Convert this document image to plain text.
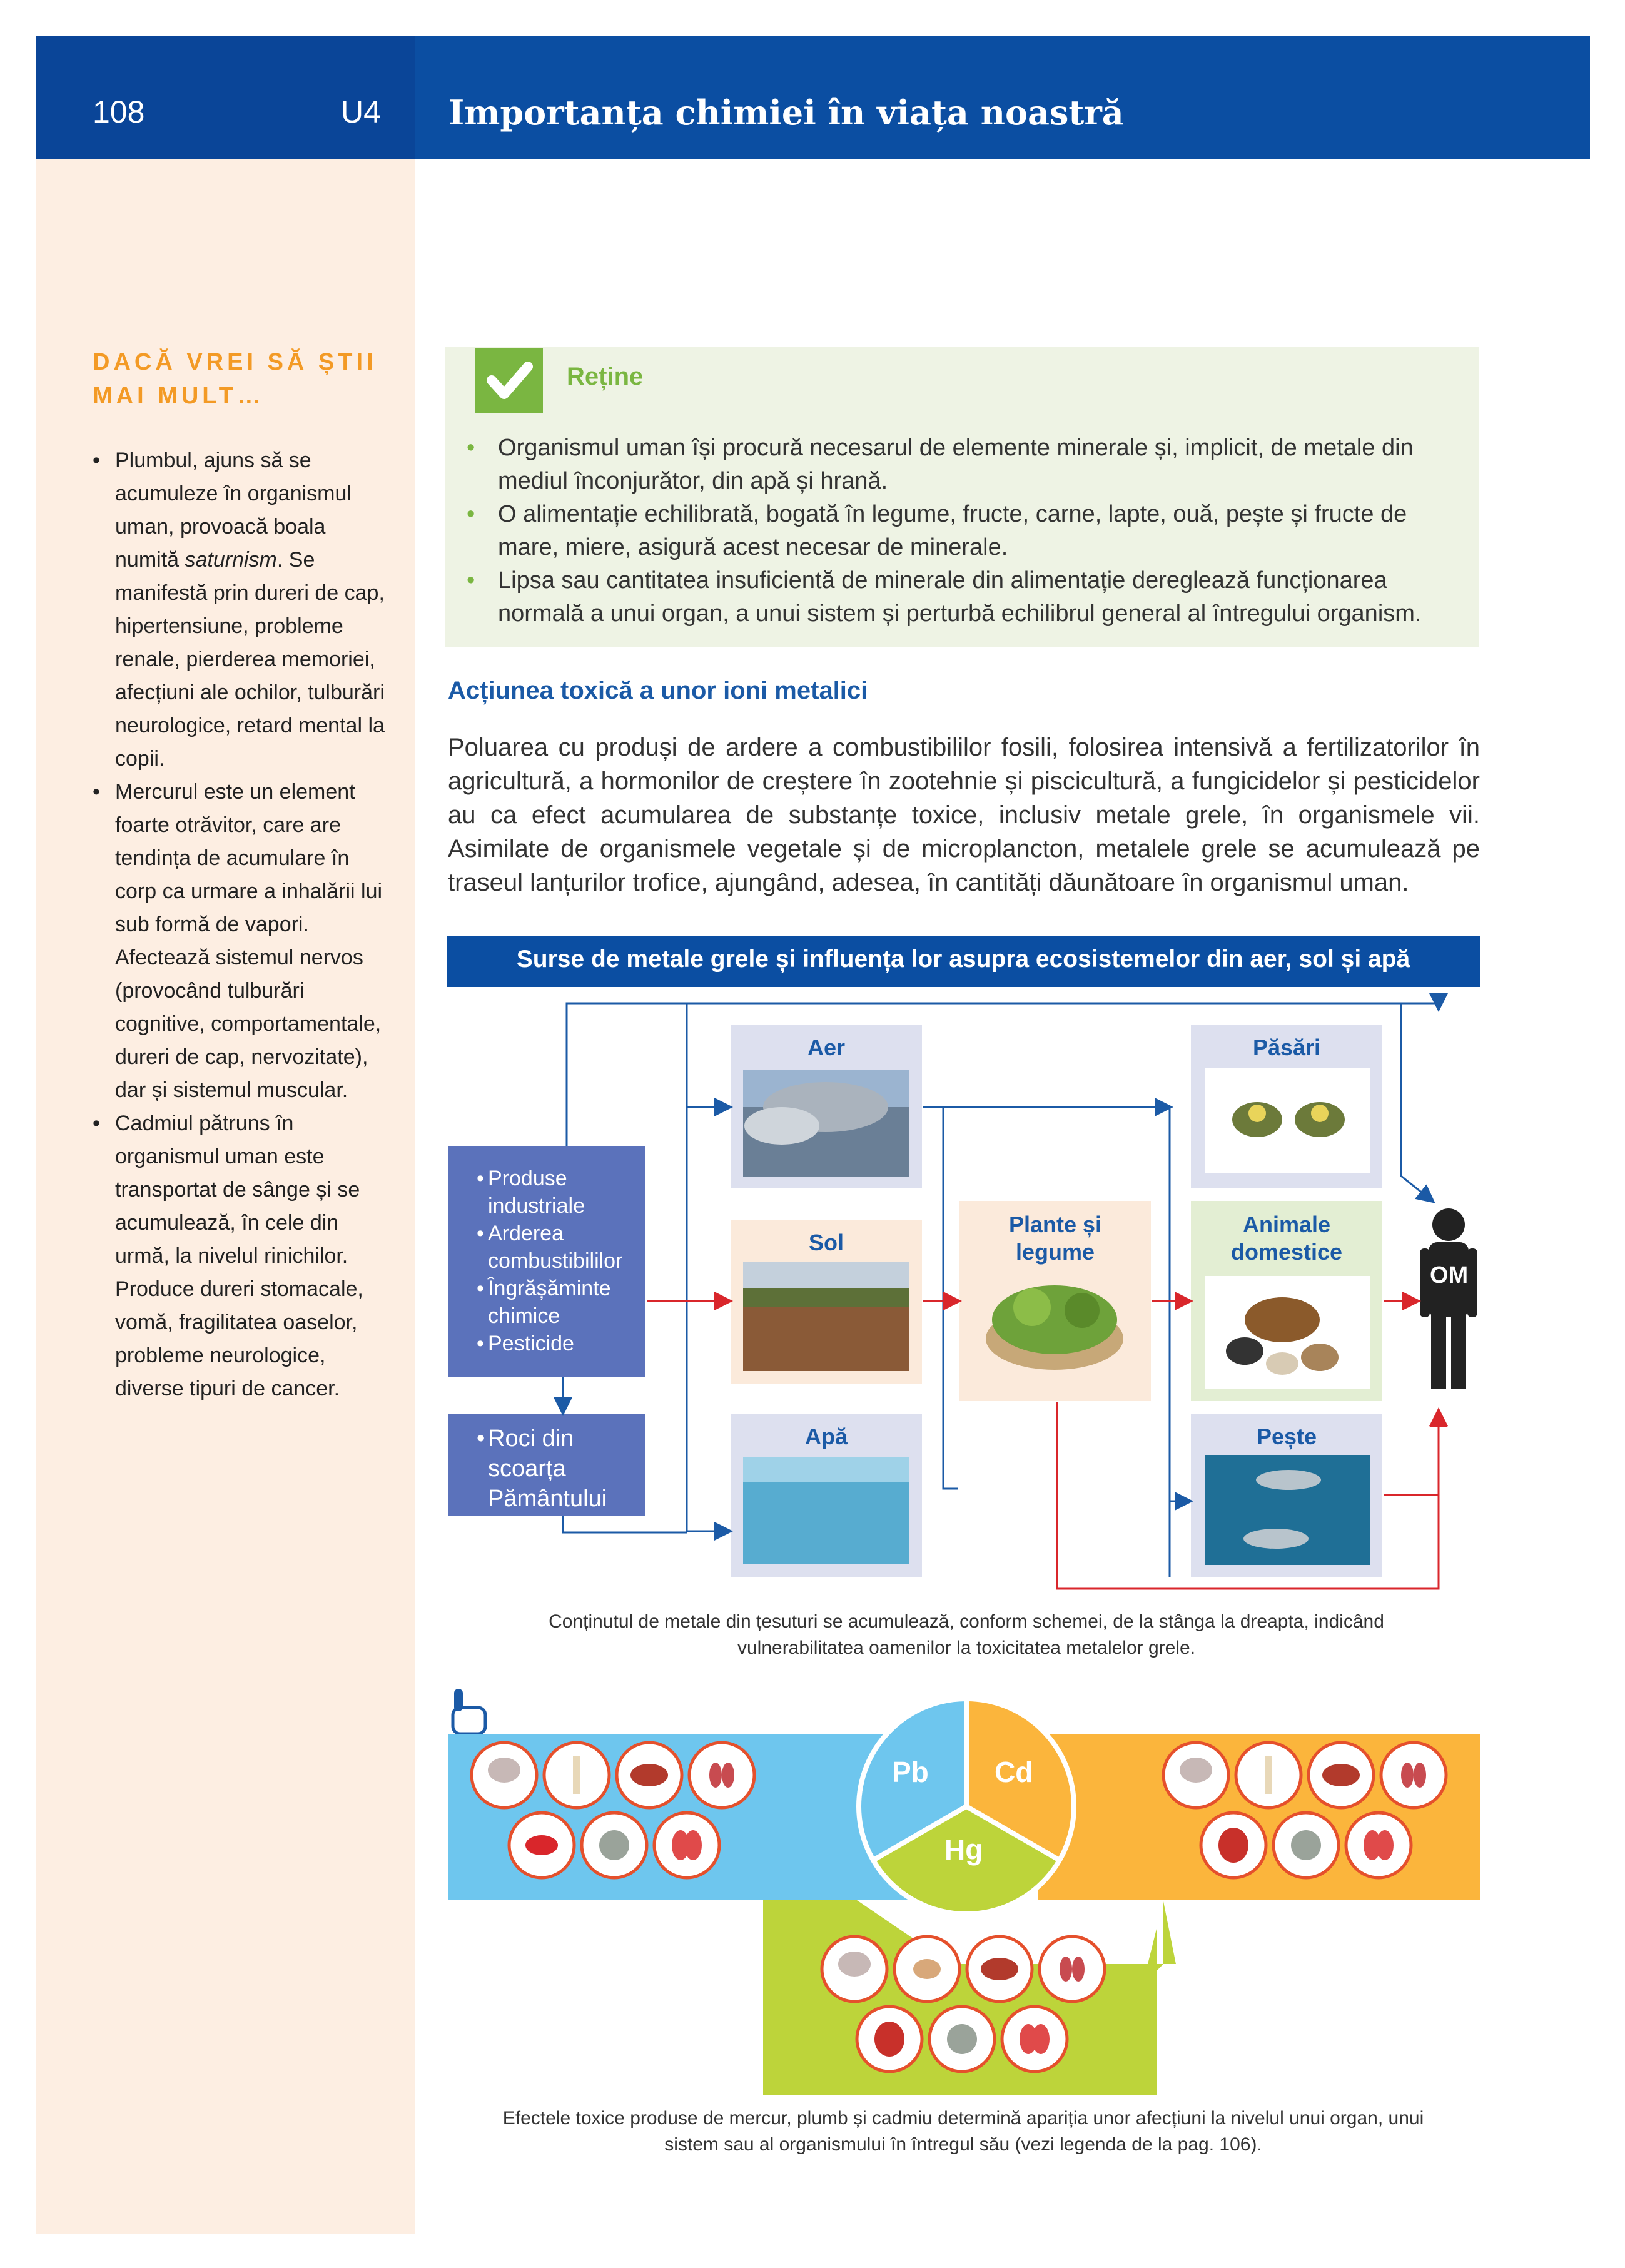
108	U4 Importanța chimiei în viața noastră
DACĂ VREI SĂ ȘTII MAI MULT…
• Plumbul, ajuns să se acumuleze în organismul uman, provoacă boala numită saturnism. Se manifestă prin dureri de cap, hipertensiune, probleme renale, pierderea memoriei, afecțiuni ale ochilor, tulburări neurologice, retard mental la copii.
• Mercurul este un element foarte otrăvitor, care are tendința de acumulare în corp ca urmare a inhalării lui sub formă de vapori. Afectează sistemul nervos (provocând tulburări cognitive, comportamentale, dureri de cap, nervozitate), dar și sistemul muscular.
• Cadmiul pătruns în organismul uman este transportat de sânge și se acumulează, în cele din urmă, la nivelul rinichilor. Produce dureri stomacale, vomă, fragilitatea oaselor, probleme neurologice, diverse tipuri de cancer.
Reține
• Organismul uman își procură necesarul de elemente minerale și, implicit, de metale din mediul înconjurător, din apă și hrană.
• O alimentație echilibrată, bogată în legume, fructe, carne, lapte, ouă, pește și fructe de mare, miere, asigură acest necesar de minerale.
• Lipsa sau cantitatea insuficientă de minerale din alimentație deregleazǎ funcționarea normală a unui organ, a unui sistem și perturbă echilibrul general al întregului organism.
Acțiunea toxică a unor ioni metalici
Poluarea cu produși de ardere a combustibililor fosili, folosirea intensivă a fertilizatorilor în agricultură, a hormonilor de creștere în zootehnie și piscicultură, a fungicidelor și pesticidelor au ca efect acumularea de substanțe toxice, inclusiv metale grele, în organismele vii. Asimilate de organismele vegetale și de microplancton, metalele grele se acumulează pe traseul lanțurilor trofice, ajungând, adesea, în cantități dăunătoare în organismul uman.
Surse de metale grele și influența lor asupra ecosistemelor din aer, sol și apă
• Produse industriale
• Arderea combustibililor
• Îngrășăminte chimice
• Pesticide
• Roci din scoarța Pământului
Aer
Sol
Apă
Plante și legume
Păsări
Animale domestice
Pește
OM
Conținutul de metale din țesuturi se acumulează, conform schemei, de la stânga la dreapta, indicând vulnerabilitatea oamenilor la toxicitatea metalelor grele.
Pb Cd
Hg
Efectele toxice produse de mercur, plumb și cadmiu determină apariția unor afecțiuni la nivelul unui organ, unui sistem sau al organismului în întregul său (vezi legenda de la pag. 106).
